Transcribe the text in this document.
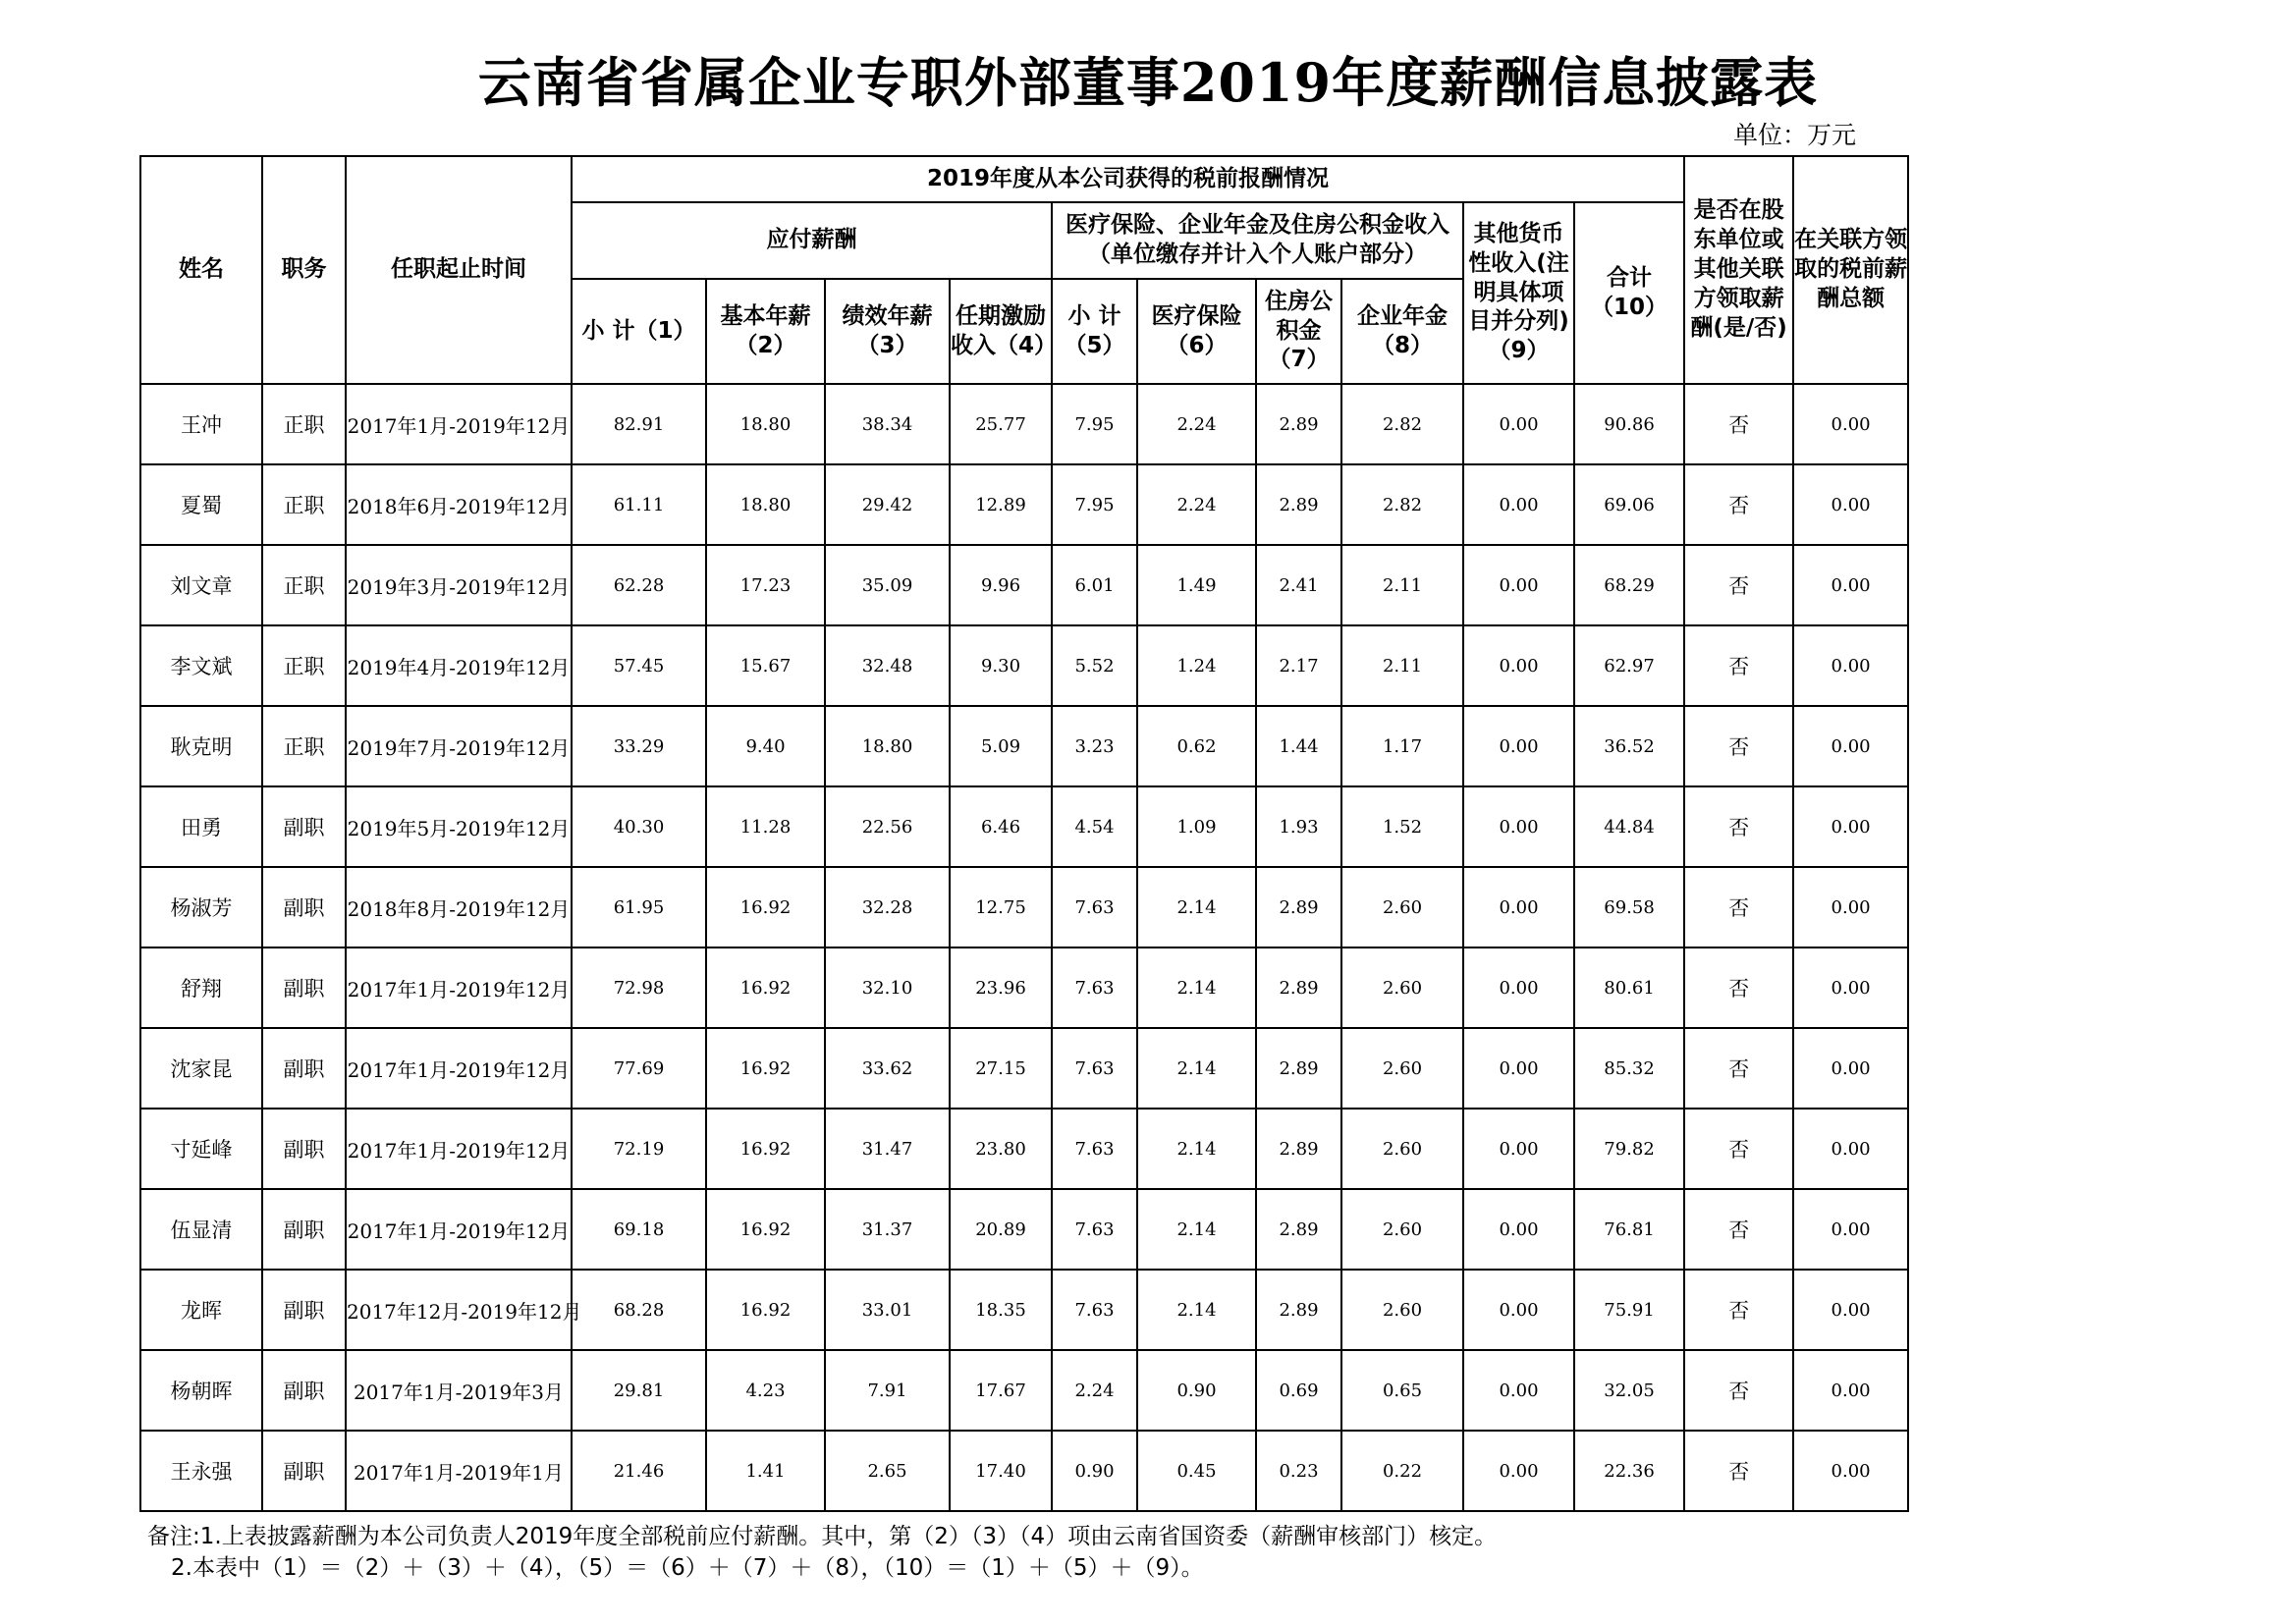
云南省省属企业专职外部董事2019年度薪酬信息披露表
单位：万元
姓名	职务	任职起止时间	2019年度从本公司获得的税前报酬情况										是否在股东单位或其他关联方领取薪酬(是/否)	在关联方领取的税前薪酬总额
			应付薪酬				医疗保险、企业年金及住房公积金收入（单位缴存并计入个人账户部分）				其他货币性收入(注明具体项目并分列)（9）	合计（10）		
			小 计（1）	基本年薪（2）	绩效年薪（3）	任期激励收入（4）	小 计（5）	医疗保险（6）	住房公积金（7）	企业年金（8）				
王冲	正职	2017年1月-2019年12月	82.91	18.80	38.34	25.77	7.95	2.24	2.89	2.82	0.00	90.86	否	0.00
夏蜀	正职	2018年6月-2019年12月	61.11	18.80	29.42	12.89	7.95	2.24	2.89	2.82	0.00	69.06	否	0.00
刘文章	正职	2019年3月-2019年12月	62.28	17.23	35.09	9.96	6.01	1.49	2.41	2.11	0.00	68.29	否	0.00
李文斌	正职	2019年4月-2019年12月	57.45	15.67	32.48	9.30	5.52	1.24	2.17	2.11	0.00	62.97	否	0.00
耿克明	正职	2019年7月-2019年12月	33.29	9.40	18.80	5.09	3.23	0.62	1.44	1.17	0.00	36.52	否	0.00
田勇	副职	2019年5月-2019年12月	40.30	11.28	22.56	6.46	4.54	1.09	1.93	1.52	0.00	44.84	否	0.00
杨淑芳	副职	2018年8月-2019年12月	61.95	16.92	32.28	12.75	7.63	2.14	2.89	2.60	0.00	69.58	否	0.00
舒翔	副职	2017年1月-2019年12月	72.98	16.92	32.10	23.96	7.63	2.14	2.89	2.60	0.00	80.61	否	0.00
沈家昆	副职	2017年1月-2019年12月	77.69	16.92	33.62	27.15	7.63	2.14	2.89	2.60	0.00	85.32	否	0.00
寸延峰	副职	2017年1月-2019年12月	72.19	16.92	31.47	23.80	7.63	2.14	2.89	2.60	0.00	79.82	否	0.00
伍显清	副职	2017年1月-2019年12月	69.18	16.92	31.37	20.89	7.63	2.14	2.89	2.60	0.00	76.81	否	0.00
龙晖	副职	2017年12月-2019年12月	68.28	16.92	33.01	18.35	7.63	2.14	2.89	2.60	0.00	75.91	否	0.00
杨朝晖	副职	2017年1月-2019年3月	29.81	4.23	7.91	17.67	2.24	0.90	0.69	0.65	0.00	32.05	否	0.00
王永强	副职	2017年1月-2019年1月	21.46	1.41	2.65	17.40	0.90	0.45	0.23	0.22	0.00	22.36	否	0.00
备注:1.上表披露薪酬为本公司负责人2019年度全部税前应付薪酬。其中，第（2）（3）（4）项由云南省国资委（薪酬审核部门）核定。
2.本表中（1）＝（2）＋（3）＋（4），（5）＝（6）＋（7）＋（8），（10）＝（1）＋（5）＋（9）。
